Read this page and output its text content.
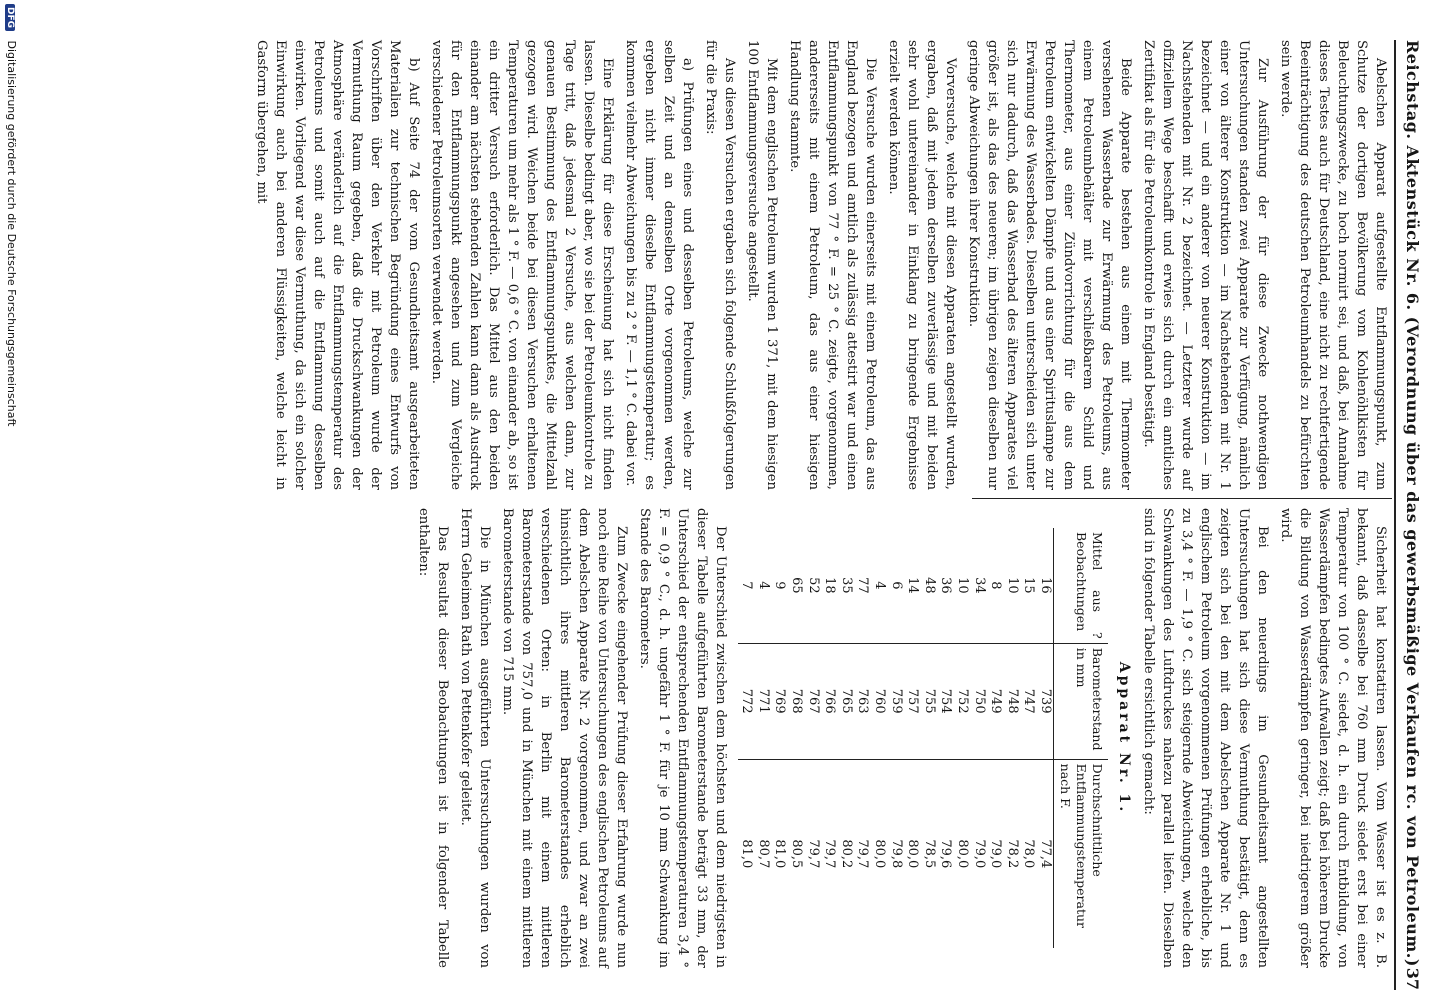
Reichstag. Aktenstück Nr. 6. (Verordnung über das gewerbsmäßige Verkaufen rc. von Petroleum.)
37

Abelschen Apparat aufgestellte Entflammungspunkt, zum Schutze der dortigen Bevölkerung vom Kohlenöhlkisten für Beleuchtungszwecke, zu hoch normirt sei, und daß, bei Annahme dieses Testes auch für Deutschland, eine nicht zu rechtfertigende Beeinträchtigung des deutschen Petroleumhandels zu befürchten sein werde.

Zur Ausführung der für diese Zwecke nothwendigen Untersuchungen standen zwei Apparate zur Verfügung, nämlich einer von älterer Konstruktion — im Nachstehenden mit Nr. 1 bezeichnet — und ein anderer von neuerer Konstruktion — im Nachstehenden mit Nr. 2 bezeichnet. — Letzterer wurde auf offiziellem Wege beschafft und erwies sich durch ein amtliches Zertifikat als für die Petroleumkontrole in England bestätigt.

Beide Apparate bestehen aus einem mit Thermometer versehenen Wasserbade zur Erwärmung des Petroleums, aus einem Petroleumbehälter mit verschließbarem Schild und Thermometer, aus einer Zündvorrichtung für die aus dem Petroleum entwickelten Dämpfe und aus einer Spirituslampe zur Erwärmung des Wasserbades. Dieselben unterscheiden sich unter sich nur dadurch, daß das Wasserbad des älteren Apparates viel größer ist, als das des neueren; im übrigen zeigen dieselben nur geringe Abweichungen ihrer Konstruktion.

Vorversuche, welche mit diesen Apparaten angestellt wurden, ergaben, daß mit jedem derselben zuverlässige und mit beiden sehr wohl untereinander in Einklang zu bringende Ergebnisse erzielt werden können.

Die Versuche wurden einerseits mit einem Petroleum, das aus England bezogen und amtlich als zulässig attestirt war und einen Entflammungspunkt von 77 ° F. = 25 ° C. zeigte, vorgenommen, andererseits mit einem Petroleum, das aus einer hiesigen Handlung stammte.

Mit dem englischen Petroleum wurden 1 371, mit dem hiesigen 100 Entflammungsversuche angestellt.

Aus diesen Versuchen ergaben sich folgende Schlußfolgerungen für die Praxis:

a) Prüfungen eines und desselben Petroleums, welche zur selben Zeit und an demselben Orte vorgenommen werden, ergeben nicht immer dieselbe Entflammungstemperatur; es kommen vielmehr Abweichungen bis zu 2 ° F. — 1,1 ° C. dabei vor.

Eine Erklärung für diese Erscheinung hat sich nicht finden lassen. Dieselbe bedingt aber, wo sie bei der Petroleumkontrole zu Tage tritt, daß jedesmal 2 Versuche, aus welchen dann, zur genauen Bestimmung des Entflammungspunktes, die Mittelzahl gezogen wird. Weichen beide bei diesen Versuchen erhaltenen Temperaturen um mehr als 1 ° F. — 0,6 ° C. von einander ab, so ist ein dritter Versuch erforderlich. Das Mittel aus den beiden einander am nächsten stehenden Zahlen kann dann als Ausdruck für den Entflammungspunkt angesehen und zum Vergleiche verschiedener Petroleumsorten verwendet werden.

b) Auf Seite 74 der vom Gesundheitsamt ausgearbeiteten Materialien zur technischen Begründung eines Entwurfs von Vorschriften über den Verkehr mit Petroleum wurde der Vermuthung Raum gegeben, daß die Druckschwankungen der Atmosphäre veränderlich auf die Entflammungstemperatur des Petroleums und somit auch auf die Entflammung desselben einwirken. Vorliegend war diese Vermuthung, da sich ein solcher Einwirkung auch bei anderen Flüssigkeiten, welche leicht in Gasform übergehen, mit

Sicherheit hat konstatiren lassen. Vom Wasser ist es z. B. bekannt, daß dasselbe bei 760 mm Druck siedet erst bei einer Temperatur von 100 ° C. siedet, d. h. ein durch Entbildung, von Wasserdämpfen bedingtes Aufwallen zeigt; daß bei höherem Drucke die Bildung von Wasserdämpfen geringer, bei niedrigerem größer wird.

Bei den neuerdings im Gesundheitsamt angestellten Untersuchungen hat sich diese Vermuthung bestätigt, denn es zeigten sich bei den mit dem Abelschen Apparate Nr. 1 und englischem Petroleum vorgenommenen Prüfungen erhebliche, bis zu 3,4 ° F. — 1,9 ° C. sich steigernde Abweichungen, welche den Schwankungen des Luftdruckes nahezu parallel liefen. Dieselben sind in folgender Tabelle ersichtlich gemacht:

Apparat Nr. 1.
Mittel aus ? Beobachtungen	Barometerstand in mm	Durchschnittliche Entflammungstemperatur nach F.
16	739	77,4
15	747	78,0
10	748	78,2
8	749	79,0
34	750	79,0
10	752	80,0
36	754	79,6
48	755	78,5
14	757	80,0
6	759	79,8
4	760	80,0
77	763	79,7
35	765	80,2
18	766	79,7
52	767	79,7
65	768	80,5
9	769	81,0
4	771	80,7
7	772	81,0

Der Unterschied zwischen dem höchsten und dem niedrigsten in dieser Tabelle aufgeführten Barometerstande beträgt 33 mm, der Unterschied der entsprechenden Entflammungstemperaturen 3,4 ° F. = 0,9 ° C., d. h. ungefähr 1 ° F. für je 10 mm Schwankung im Stande des Barometers.

Zum Zwecke eingehender Prüfung dieser Erfahrung wurde nun noch eine Reihe von Untersuchungen des englischen Petroleums auf dem Abelschen Apparate Nr. 2 vorgenommen, und zwar an zwei hinsichtlich ihres mittleren Barometerstandes erheblich verschiedenen Orten: in Berlin mit einem mittleren Barometerstande von 757,0 und in München mit einem mittleren Barometerstande von 715 mm.

Die in München ausgeführten Untersuchungen wurden von Herrn Geheimen Rath von Pettenkofer geleitet.

Das Resultat dieser Beobachtungen ist in folgender Tabelle enthalten:

DFG Digitalisierung gefördert durch die Deutsche Forschungsgemeinschaft
